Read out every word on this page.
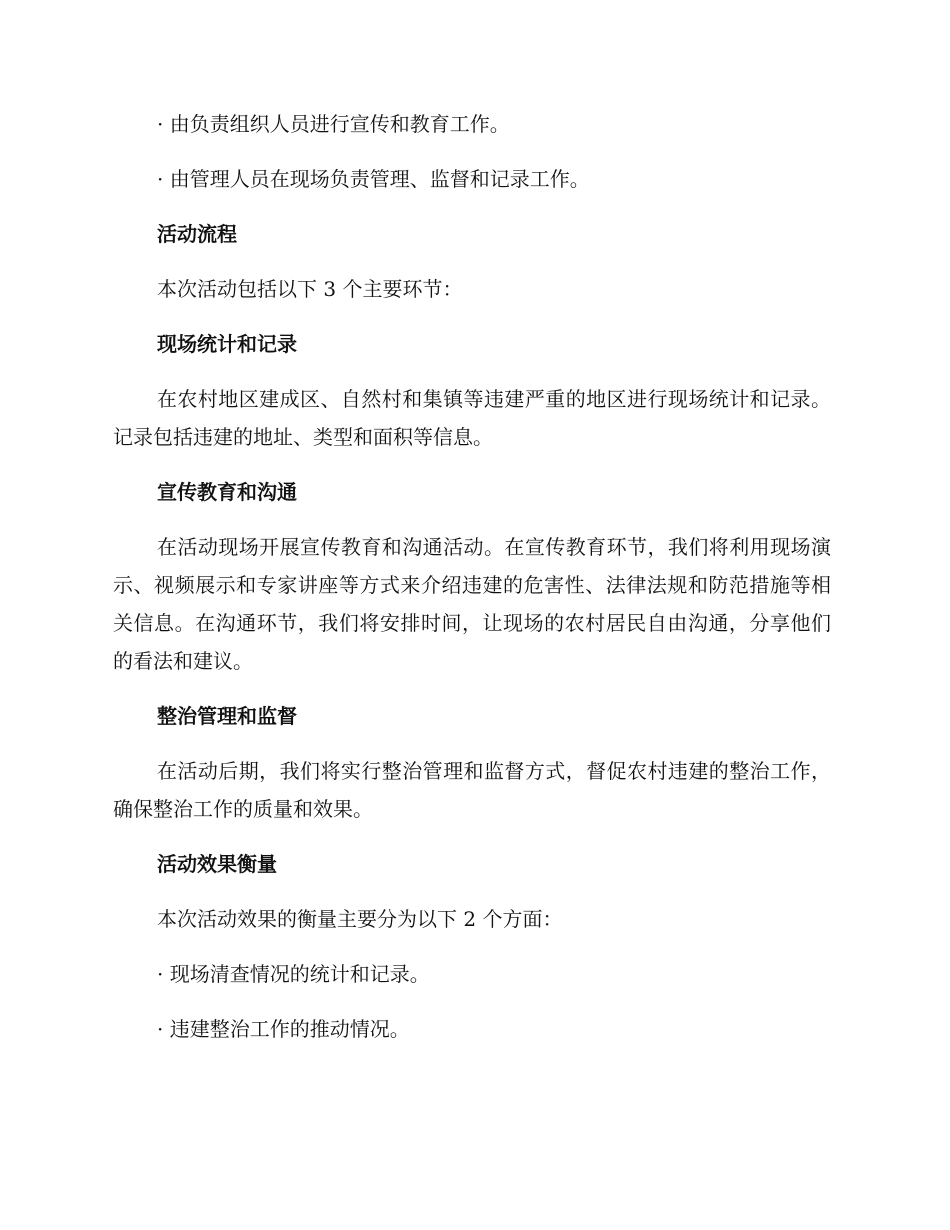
· 由负责组织人员进行宣传和教育工作。

· 由管理人员在现场负责管理、监督和记录工作。

活动流程

本次活动包括以下 3 个主要环节：

现场统计和记录

在农村地区建成区、自然村和集镇等违建严重的地区进行现场统计和记录。记录包括违建的地址、类型和面积等信息。

宣传教育和沟通

在活动现场开展宣传教育和沟通活动。在宣传教育环节，我们将利用现场演示、视频展示和专家讲座等方式来介绍违建的危害性、法律法规和防范措施等相关信息。在沟通环节，我们将安排时间，让现场的农村居民自由沟通，分享他们的看法和建议。

整治管理和监督

在活动后期，我们将实行整治管理和监督方式，督促农村违建的整治工作，确保整治工作的质量和效果。

活动效果衡量

本次活动效果的衡量主要分为以下 2 个方面：

· 现场清查情况的统计和记录。

· 违建整治工作的推动情况。
